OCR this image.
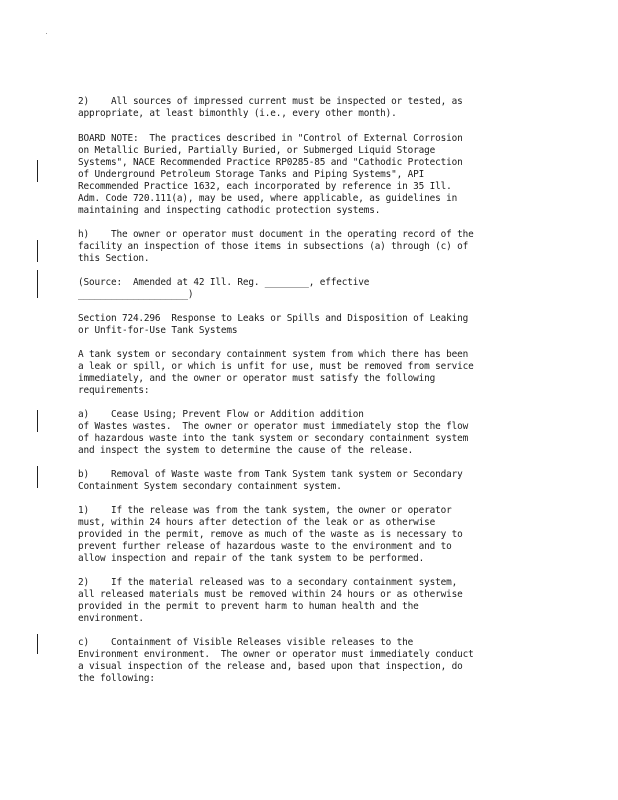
2)    All sources of impressed current must be inspected or tested, as
appropriate, at least bimonthly (i.e., every other month).
BOARD NOTE:  The practices described in "Control of External Corrosion
on Metallic Buried, Partially Buried, or Submerged Liquid Storage
Systems", NACE Recommended Practice RP0285-85 and "Cathodic Protection
of Underground Petroleum Storage Tanks and Piping Systems", API
Recommended Practice 1632, each incorporated by reference in 35 Ill.
Adm. Code 720.111(a), may be used, where applicable, as guidelines in
maintaining and inspecting cathodic protection systems.
h)    The owner or operator must document in the operating record of the
facility an inspection of those items in subsections (a) through (c) of
this Section.
(Source:  Amended at 42 Ill. Reg. ________, effective
____________________)
Section 724.296  Response to Leaks or Spills and Disposition of Leaking
or Unfit-for-Use Tank Systems
A tank system or secondary containment system from which there has been
a leak or spill, or which is unfit for use, must be removed from service
immediately, and the owner or operator must satisfy the following
requirements:
a)    Cease Using; Prevent Flow or Addition addition
of Wastes wastes.  The owner or operator must immediately stop the flow
of hazardous waste into the tank system or secondary containment system
and inspect the system to determine the cause of the release.
b)    Removal of Waste waste from Tank System tank system or Secondary
Containment System secondary containment system.
1)    If the release was from the tank system, the owner or operator
must, within 24 hours after detection of the leak or as otherwise
provided in the permit, remove as much of the waste as is necessary to
prevent further release of hazardous waste to the environment and to
allow inspection and repair of the tank system to be performed.
2)    If the material released was to a secondary containment system,
all released materials must be removed within 24 hours or as otherwise
provided in the permit to prevent harm to human health and the
environment.
c)    Containment of Visible Releases visible releases to the
Environment environment.  The owner or operator must immediately conduct
a visual inspection of the release and, based upon that inspection, do
the following:
